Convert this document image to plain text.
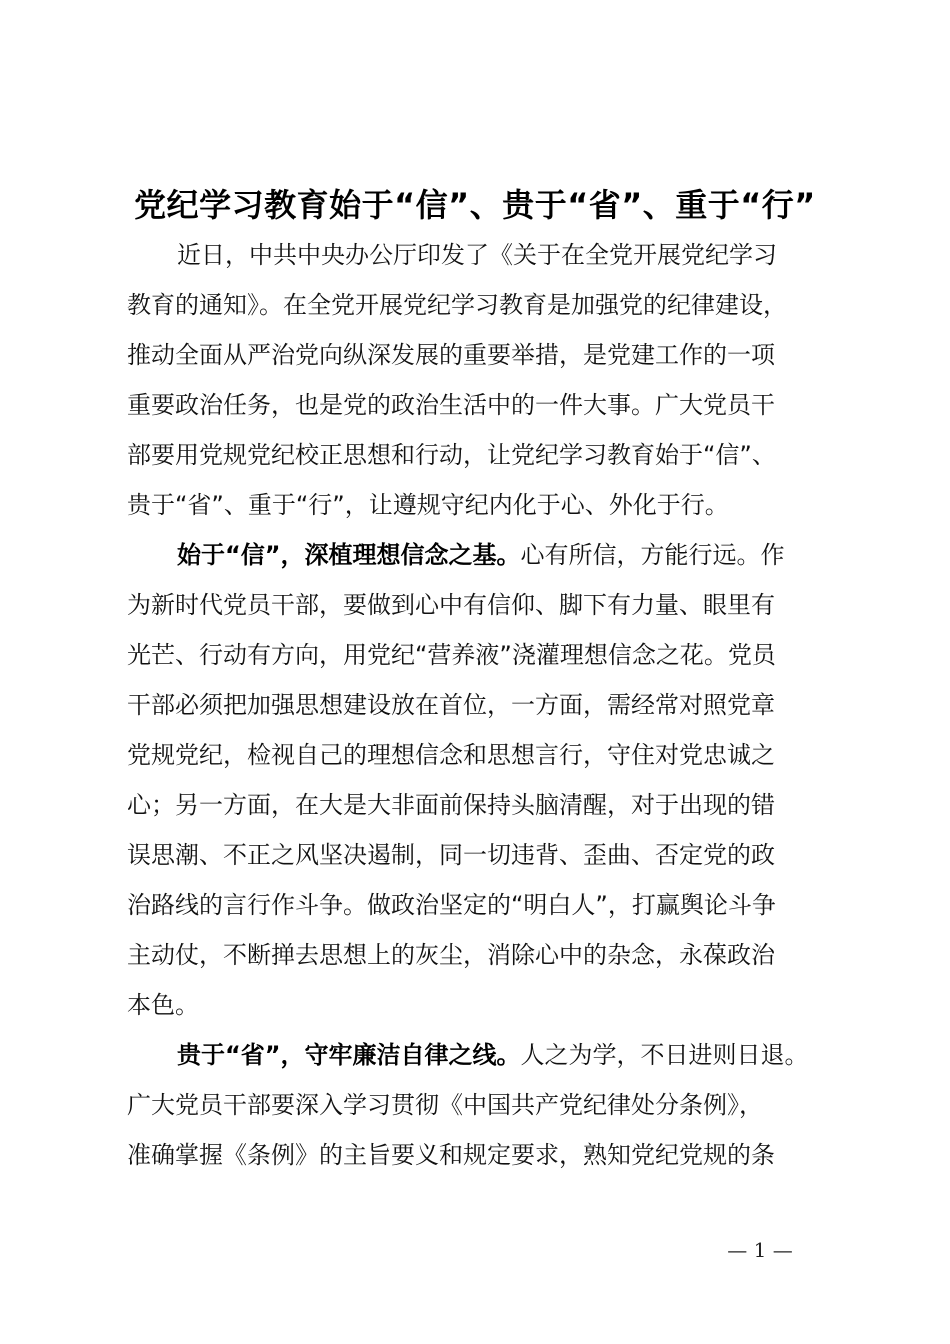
党纪学习教育始于“信”、贵于“省”、重于“行”
近日，中共中央办公厅印发了《关于在全党开展党纪学习
教育的通知》。在全党开展党纪学习教育是加强党的纪律建设，
推动全面从严治党向纵深发展的重要举措，是党建工作的一项
重要政治任务，也是党的政治生活中的一件大事。广大党员干
部要用党规党纪校正思想和行动，让党纪学习教育始于“信”、
贵于“省”、重于“行”，让遵规守纪内化于心、外化于行。
始于“信”，深植理想信念之基。心有所信，方能行远。作
为新时代党员干部，要做到心中有信仰、脚下有力量、眼里有
光芒、行动有方向，用党纪“营养液”浇灌理想信念之花。党员
干部必须把加强思想建设放在首位，一方面，需经常对照党章
党规党纪，检视自己的理想信念和思想言行，守住对党忠诚之
心；另一方面，在大是大非面前保持头脑清醒，对于出现的错
误思潮、不正之风坚决遏制，同一切违背、歪曲、否定党的政
治路线的言行作斗争。做政治坚定的“明白人”，打赢舆论斗争
主动仗，不断掸去思想上的灰尘，消除心中的杂念，永葆政治
本色。
贵于“省”，守牢廉洁自律之线。人之为学，不日进则日退。
广大党员干部要深入学习贯彻《中国共产党纪律处分条例》，
准确掌握《条例》的主旨要义和规定要求，熟知党纪党规的条
— 1 —
